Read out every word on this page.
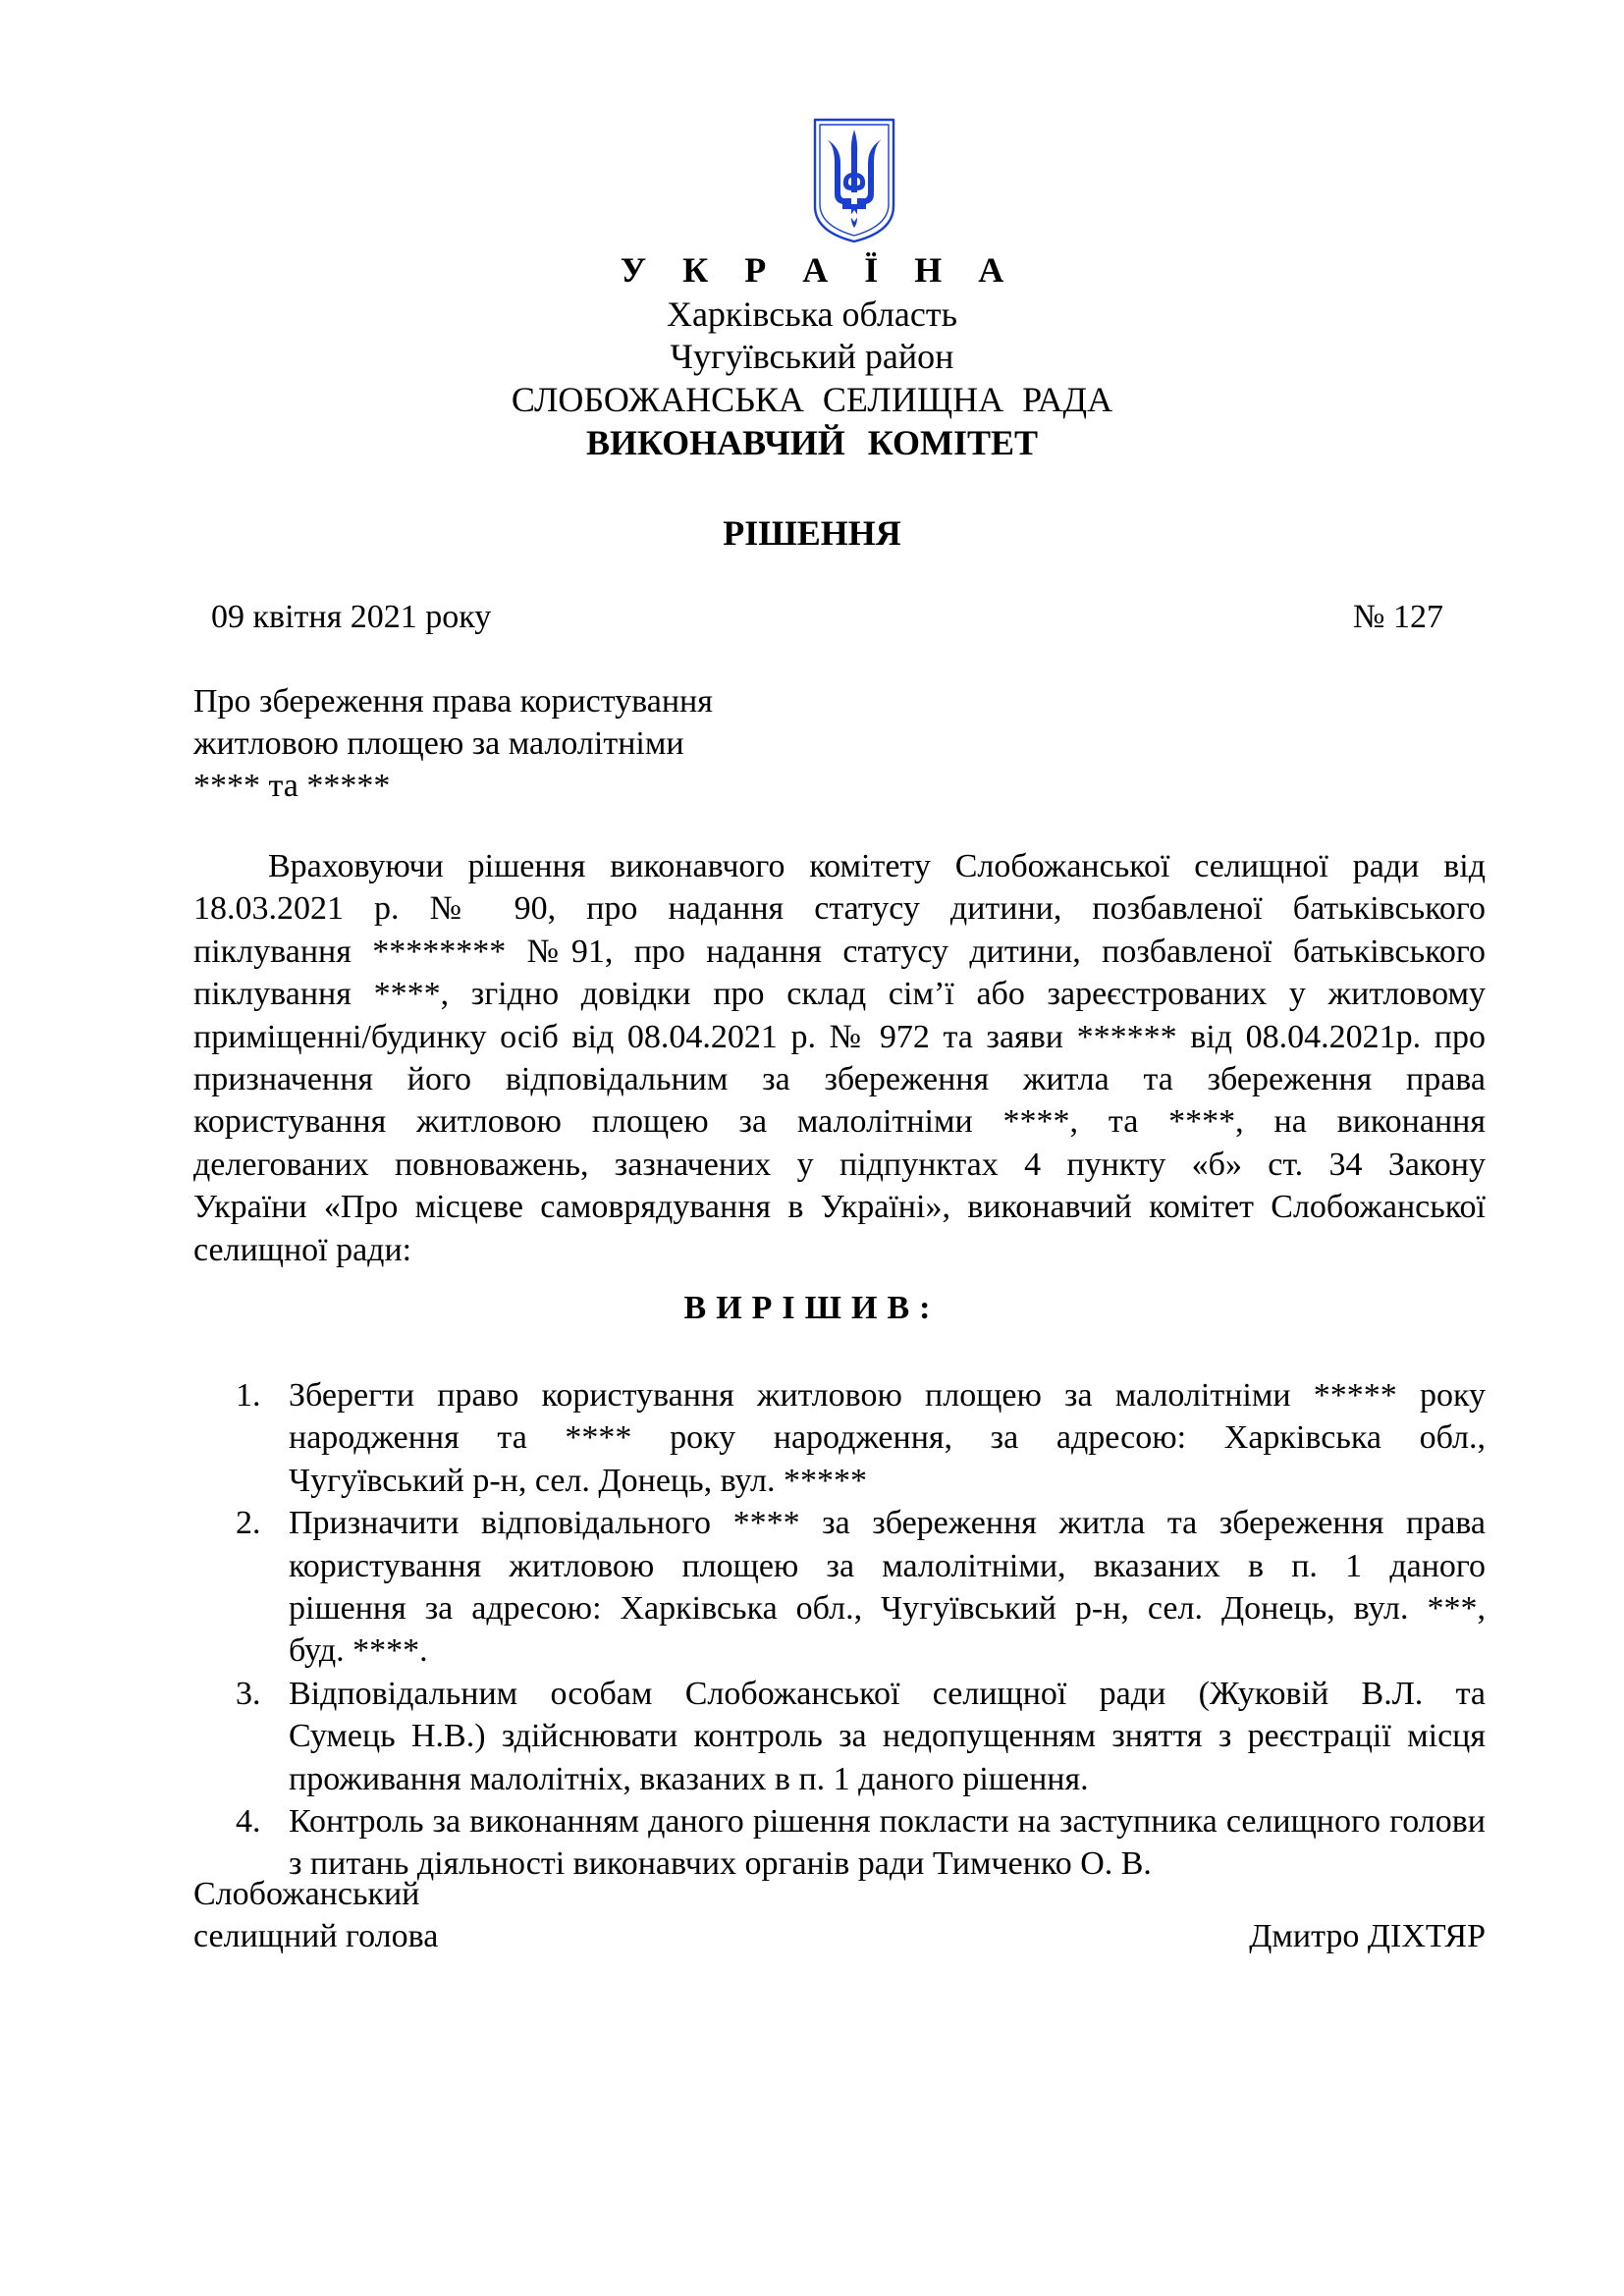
У К Р А Ї Н А
Харківська область
Чугуївський район
СЛОБОЖАНСЬКА СЕЛИЩНА РАДА
ВИКОНАВЧИЙ КОМІТЕТ
РІШЕННЯ
09 квітня 2021 року	№ 127
Про збереження права користування
житловою площею за малолітніми
**** та *****
Враховуючи рішення виконавчого комітету Слобожанської селищної ради від
18.03.2021 р. № 90, про надання статусу дитини, позбавленої батьківського
піклування ******** №91, про надання статусу дитини, позбавленої батьківського
піклування ****, згідно довідки про склад сім’ї або зареєстрованих у житловому
приміщенні/будинку осіб від 08.04.2021 р. № 972 та заяви ****** від 08.04.2021р. про
призначення його відповідальним за збереження житла та збереження права
користування житловою площею за малолітніми ****, та ****, на виконання
делегованих повноважень, зазначених у підпунктах 4 пункту «б» ст. 34 Закону
України «Про місцеве самоврядування в Україні», виконавчий комітет Слобожанської
селищної ради:
ВИРІШИВ:
1. Зберегти право користування житловою площею за малолітніми ***** року
народження та **** року народження, за адресою: Харківська обл.,
Чугуївський р-н, сел. Донець, вул. *****
2. Призначити відповідального **** за збереження житла та збереження права
користування житловою площею за малолітніми, вказаних в п. 1 даного
рішення за адресою: Харківська обл., Чугуївський р-н, сел. Донець, вул. ***,
буд. ****.
3. Відповідальним особам Слобожанської селищної ради (Жуковій В.Л. та
Сумець Н.В.) здійснювати контроль за недопущенням зняття з реєстрації місця
проживання малолітніх, вказаних в п. 1 даного рішення.
4. Контроль за виконанням даного рішення покласти на заступника селищного голови
з питань діяльності виконавчих органів ради Тимченко О. В.
Слобожанський
селищний голова	Дмитро ДІХТЯР
